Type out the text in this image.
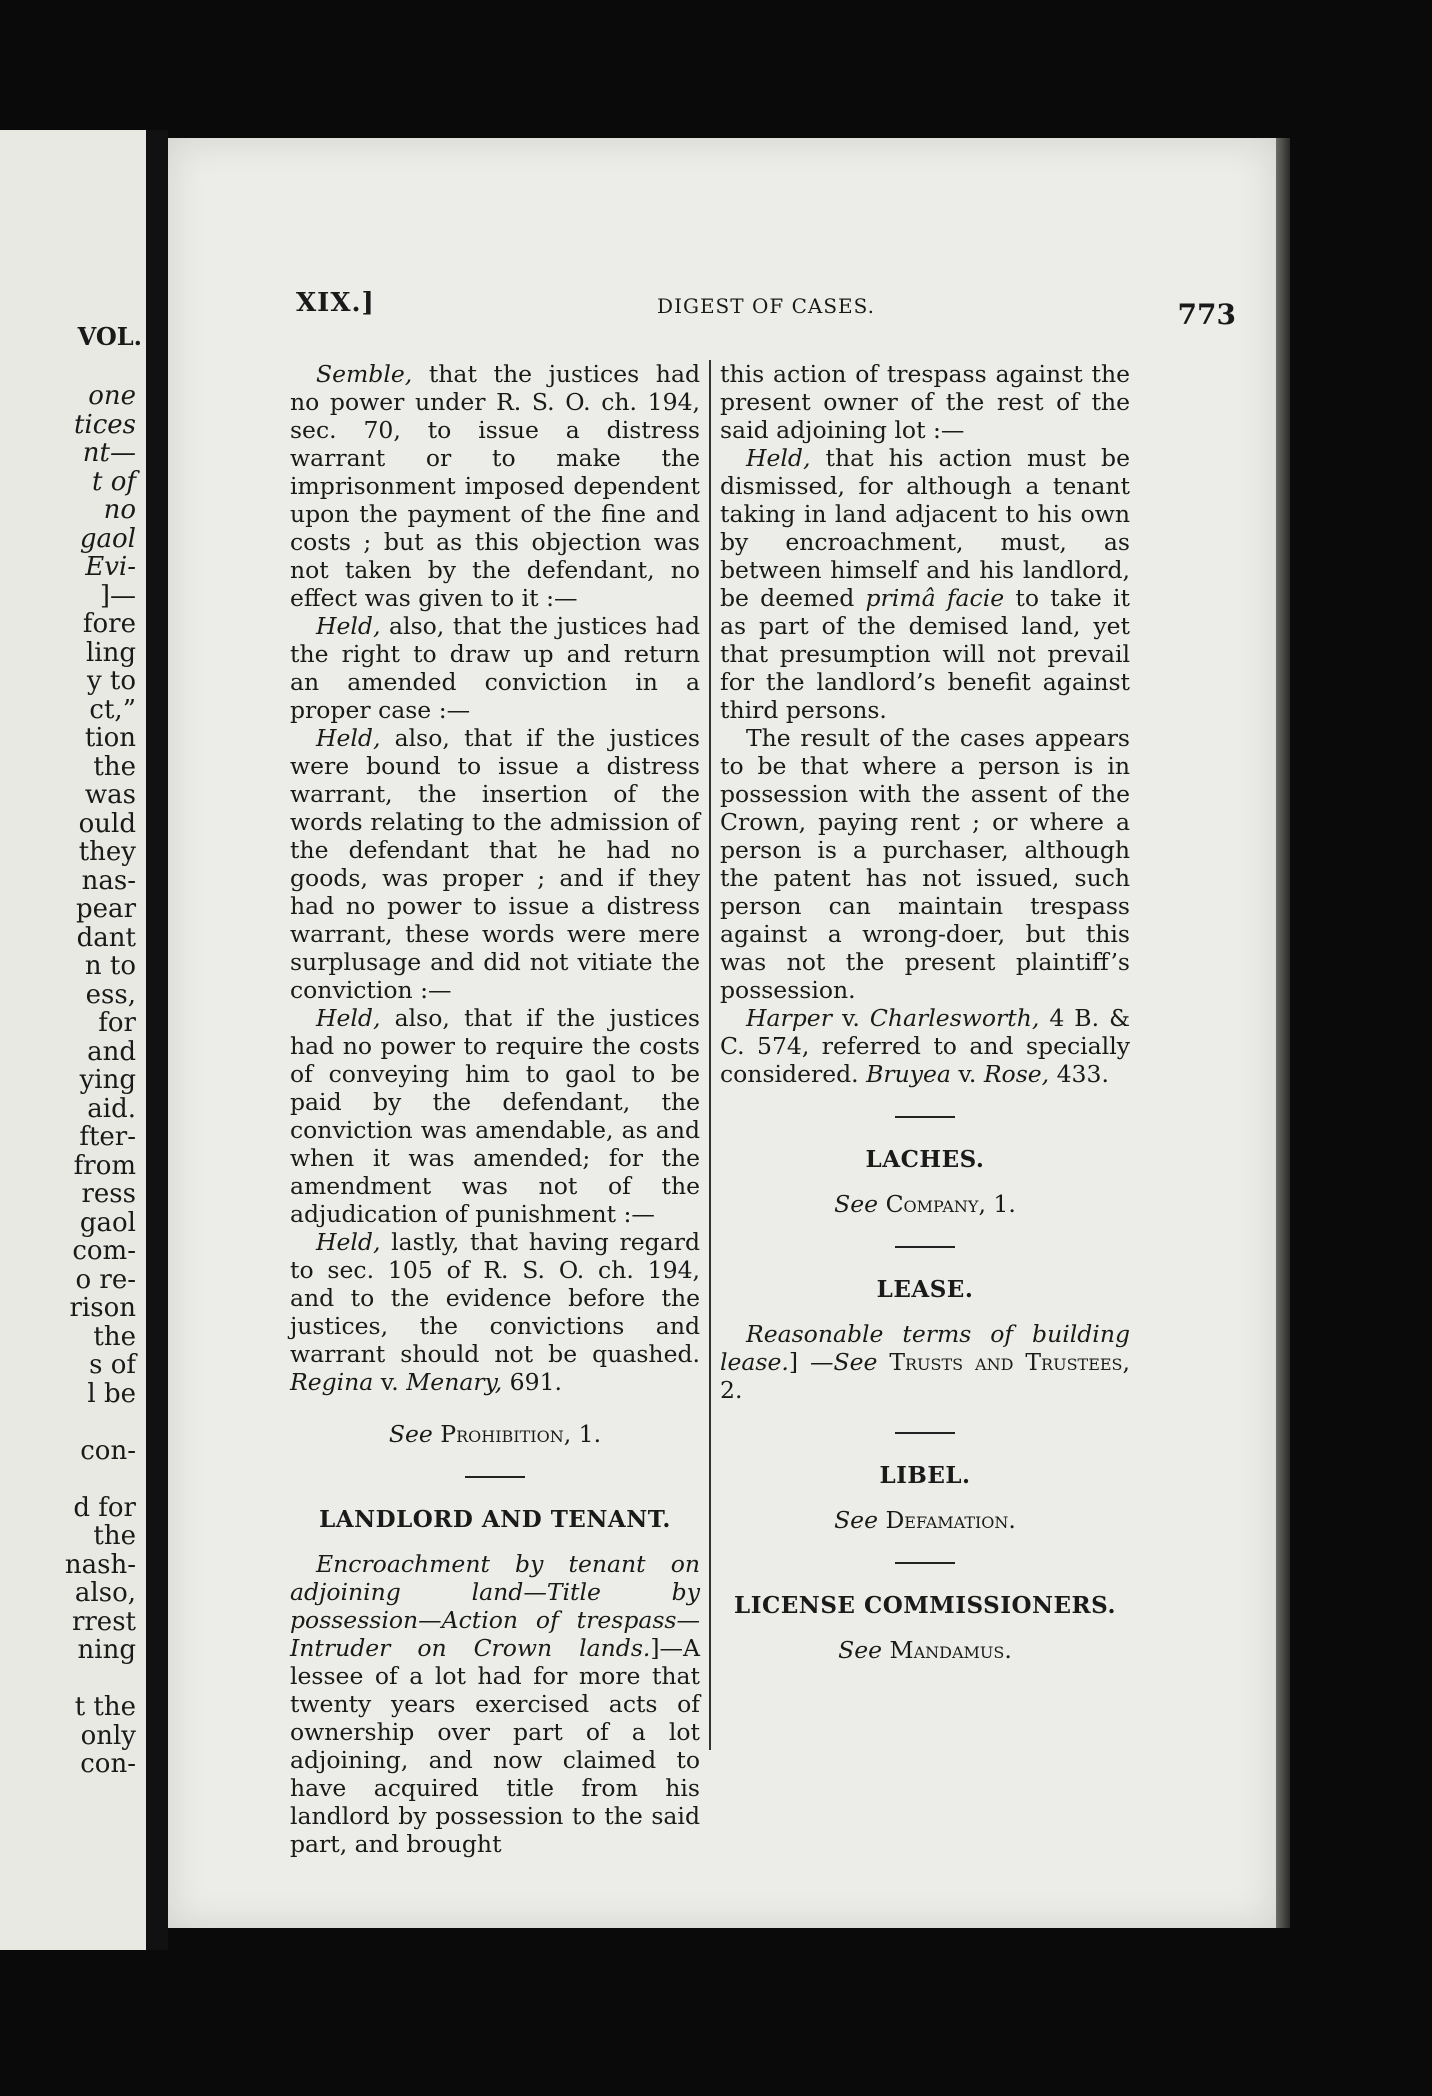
VOL.
one
tices
nt—
t of
no
gaol
Evi-
]—
fore
ling
y to
ct,”
tion
the
was
ould
they
nas-
pear
dant
n to
ess,
for
and
ying
aid.
fter-
from
ress
gaol
com-
o re-
rison
the
s of
l be
con-
d for
the
nash-
also,
rrest
ning
t the
only
con-
XIX.]	DIGEST OF CASES.	773

Semble, that the justices had no power under R. S. O. ch. 194, sec. 70, to issue a distress warrant or to make the imprisonment imposed dependent upon the payment of the fine and costs ; but as this objection was not taken by the defendant, no effect was given to it :—

Held, also, that the justices had the right to draw up and return an amended conviction in a proper case :—

Held, also, that if the justices were bound to issue a distress warrant, the insertion of the words relating to the admission of the defendant that he had no goods, was proper ; and if they had no power to issue a distress warrant, these words were mere surplusage and did not vitiate the conviction :—

Held, also, that if the justices had no power to require the costs of conveying him to gaol to be paid by the defendant, the conviction was amendable, as and when it was amended; for the amendment was not of the adjudication of punishment :—

Held, lastly, that having regard to sec. 105 of R. S. O. ch. 194, and to the evidence before the justices, the convictions and warrant should not be quashed. Regina v. Menary, 691.

See Prohibition, 1.

LANDLORD AND TENANT.

Encroachment by tenant on adjoining land—Title by possession—Action of trespass—Intruder on Crown lands.]—A lessee of a lot had for more that twenty years exercised acts of ownership over part of a lot adjoining, and now claimed to have acquired title from his landlord by possession to the said part, and brought

this action of trespass against the present owner of the rest of the said adjoining lot :—

Held, that his action must be dismissed, for although a tenant taking in land adjacent to his own by encroachment, must, as between himself and his landlord, be deemed primâ facie to take it as part of the demised land, yet that presumption will not prevail for the landlord’s benefit against third persons.

The result of the cases appears to be that where a person is in possession with the assent of the Crown, paying rent ; or where a person is a purchaser, although the patent has not issued, such person can maintain trespass against a wrong-doer, but this was not the present plaintiff’s possession.

Harper v. Charlesworth, 4 B. & C. 574, referred to and specially considered. Bruyea v. Rose, 433.

LACHES.

See Company, 1.

LEASE.

Reasonable terms of building lease.] —See Trusts and Trustees, 2.

LIBEL.

See Defamation.

LICENSE COMMISSIONERS.

See Mandamus.
